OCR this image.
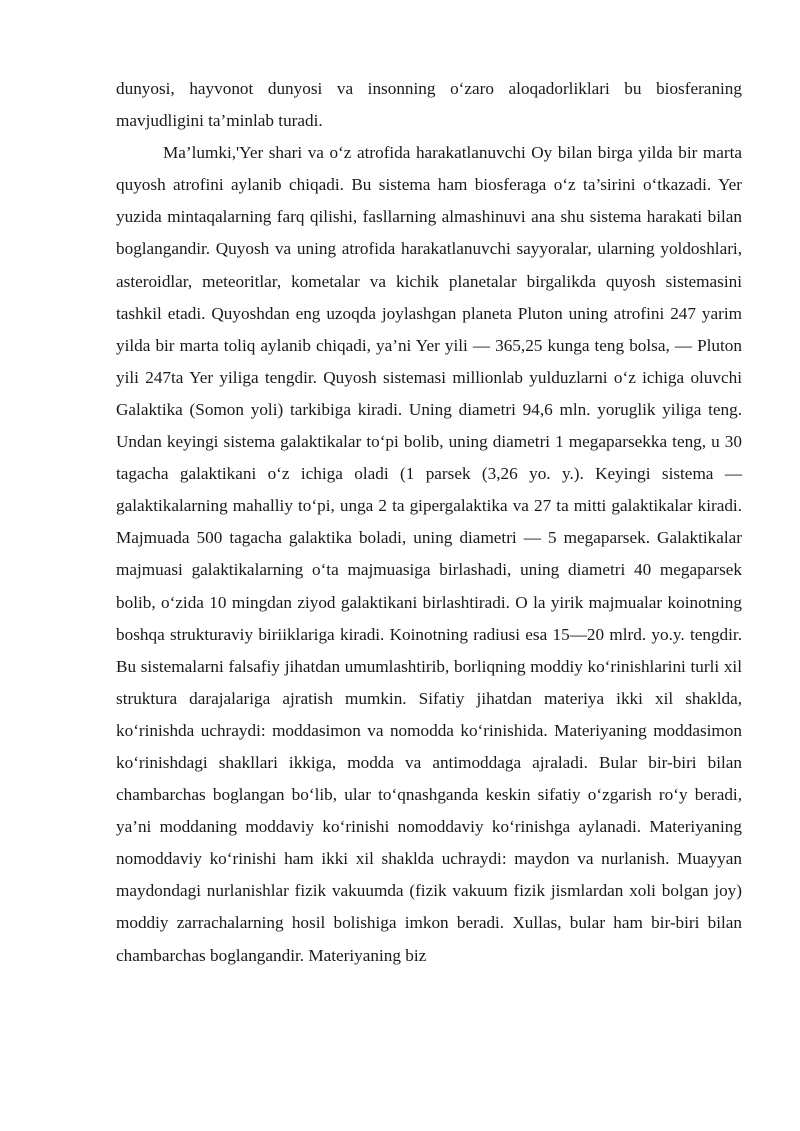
dunyosi, hayvonot dunyosi va insonning o‘zaro aloqadorliklari bu biosferaning mavjudligini ta’minlab turadi.

Ma’lumki,'Yer shari va o‘z atrofida harakatlanuvchi Oy bilan birga yilda bir marta quyosh atrofini aylanib chiqadi. Bu sistema ham biosferaga o‘z ta’sirini o‘tkazadi. Yer yuzida mintaqalarning farq qilishi, fasllarning almashinuvi ana shu sistema harakati bilan boglangandir. Quyosh va uning atrofida harakatlanuvchi sayyoralar, ularning yoldoshlari, asteroidlar, meteoritlar, kometalar va kichik planetalar birgalikda quyosh sistemasini tashkil etadi. Quyoshdan eng uzoqda joylashgan planeta Pluton uning atrofini 247 yarim yilda bir marta toliq aylanib chiqadi, ya’ni Yer yili — 365,25 kunga teng bolsa, — Pluton yili 247ta Yer yiliga tengdir. Quyosh sistemasi millionlab yulduzlarni o‘z ichiga oluvchi Galaktika (Somon yoli) tarkibiga kiradi. Uning diametri 94,6 mln. yoruglik yiliga teng. Undan keyingi sistema galaktikalar to‘pi bolib, uning diametri 1 megaparsekka teng, u 30 tagacha galaktikani o‘z ichiga oladi (1 parsek (3,26 yo. y.). Keyingi sistema — galaktikalarning mahalliy to‘pi, unga 2 ta gipergalaktika va 27 ta mitti galaktikalar kiradi. Majmuada 500 tagacha galaktika boladi, uning diametri — 5 megaparsek. Galaktikalar majmuasi galaktikalarning o‘ta majmuasiga birlashadi, uning diametri 40 megaparsek bolib, o‘zida 10 mingdan ziyod galaktikani birlashtiradi. O la yirik majmualar koinotning boshqa strukturaviy biriiklariga kiradi. Koinotning radiusi esa 15—20 mlrd. yo.y. tengdir. Bu sistemalarni falsafiy jihatdan umumlashtirib, borliqning moddiy ko‘rinishlarini turli xil struktura darajalariga ajratish mumkin. Sifatiy jihatdan materiya ikki xil shaklda, ko‘rinishda uchraydi: moddasimon va nomodda ko‘rinishida. Materiyaning moddasimon ko‘rinishdagi shakllari ikkiga, modda va antimoddaga ajraladi. Bular bir-biri bilan chambarchas boglangan bo‘lib, ular to‘qnashganda keskin sifatiy o‘zgarish ro‘y beradi, ya’ni moddaning moddaviy ko‘rinishi nomoddaviy ko‘rinishga aylanadi. Materiyaning nomoddaviy ko‘rinishi ham ikki xil shaklda uchraydi: maydon va nurlanish. Muayyan maydondagi nurlanishlar fizik vakuumda (fizik vakuum fizik jismlardan xoli bolgan joy) moddiy zarrachalarning hosil bolishiga imkon beradi. Xullas, bular ham bir-biri bilan chambarchas boglangandir. Materiyaning biz
